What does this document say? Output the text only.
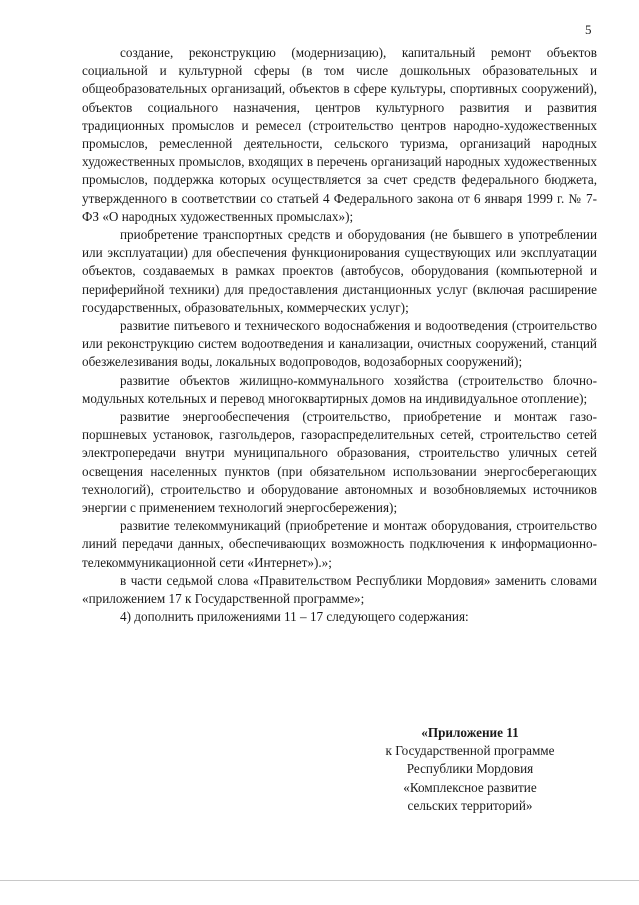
5

создание, реконструкцию (модернизацию), капитальный ремонт объектов социальной и культурной сферы (в том числе дошкольных образовательных и общеобразовательных организаций, объектов в сфере культуры, спортивных сооружений), объектов социального назначения, центров культурного развития и развития традиционных промыслов и ремесел (строительство центров народно-художественных промыслов, ремесленной деятельности, сельского туризма, организаций народных художественных промыслов, входящих в перечень организаций народных художественных промыслов, поддержка которых осуществляется за счет средств федерального бюджета, утвержденного в соответствии со статьей 4 Федерального закона от 6 января 1999 г. № 7-ФЗ «О народных художественных промыслах»);

приобретение транспортных средств и оборудования (не бывшего в употреблении или эксплуатации) для обеспечения функционирования существующих или эксплуатации объектов, создаваемых в рамках проектов (автобусов, оборудования (компьютерной и периферийной техники) для предоставления дистанционных услуг (включая расширение государственных, образовательных, коммерческих услуг);

развитие питьевого и технического водоснабжения и водоотведения (строительство или реконструкцию систем водоотведения и канализации, очистных сооружений, станций обезжелезивания воды, локальных водопроводов, водозаборных сооружений);

развитие объектов жилищно-коммунального хозяйства (строительство блочно-модульных котельных и перевод многоквартирных домов на индивидуальное отопление);

развитие энергообеспечения (строительство, приобретение и монтаж газо-поршневых установок, газгольдеров, газораспределительных сетей, строительство сетей электропередачи внутри муниципального образования, строительство уличных сетей освещения населенных пунктов (при обязательном использовании энергосберегающих технологий), строительство и оборудование автономных и возобновляемых источников энергии с применением технологий энергосбережения);

развитие телекоммуникаций (приобретение и монтаж оборудования, строительство линий передачи данных, обеспечивающих возможность подключения к информационно-телекоммуникационной сети «Интернет»).»;

в части седьмой слова «Правительством Республики Мордовия» заменить словами «приложением 17 к Государственной программе»;

4) дополнить приложениями 11 – 17 следующего содержания:

«Приложение 11
к Государственной программе
Республики Мордовия
«Комплексное развитие
сельских территорий»
